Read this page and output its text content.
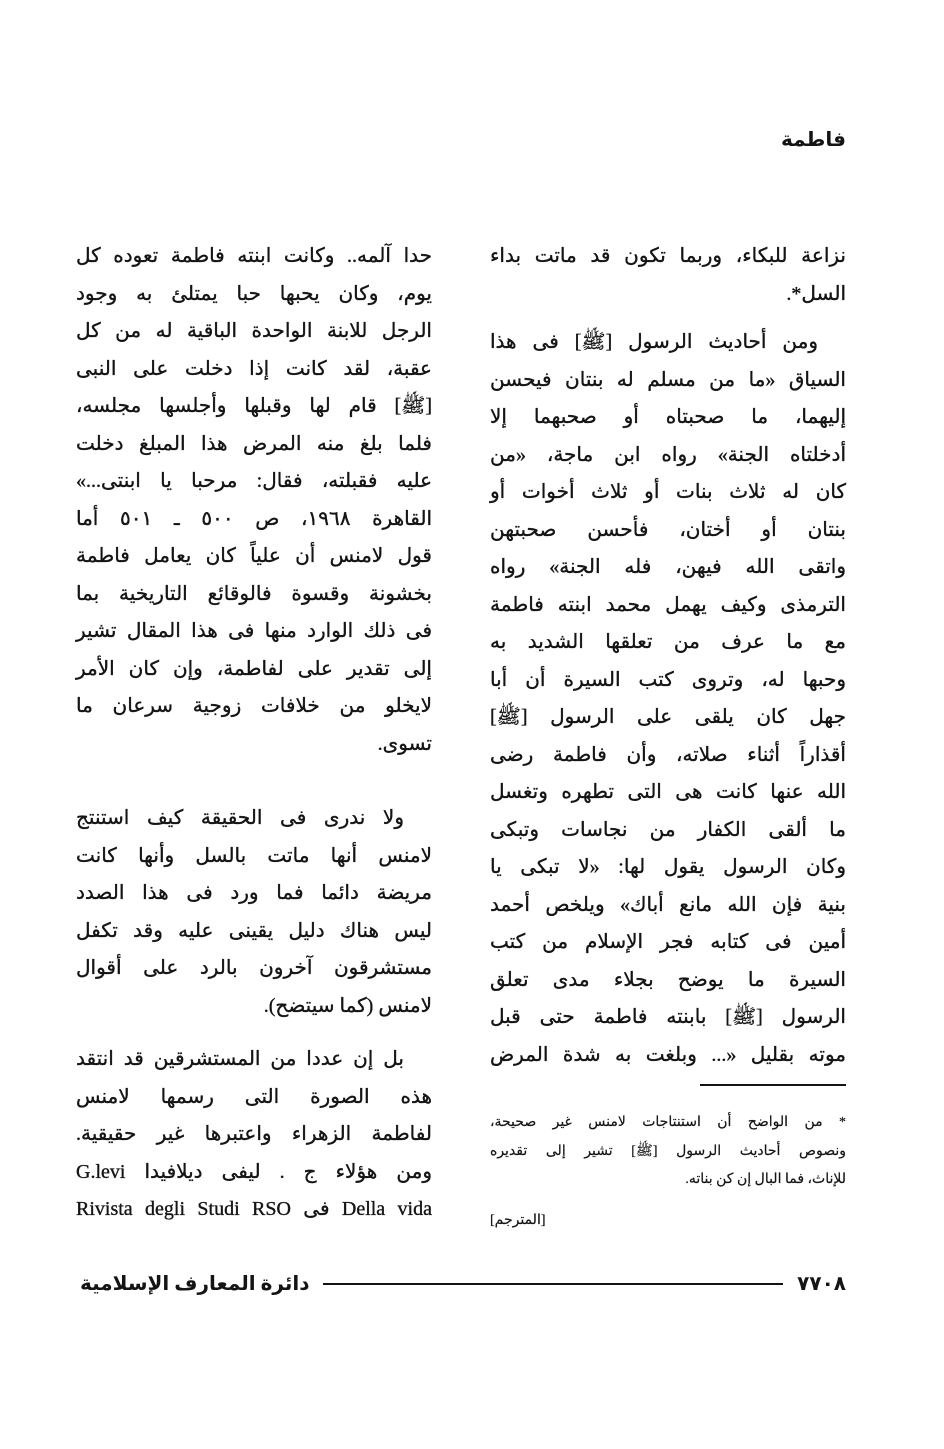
فاطمة
نزاعة للبكاء، وربما تكون قد ماتت بداء
السل*.
ومن أحاديث الرسول [ﷺ] فى هذا
السياق «ما من مسلم له بنتان فيحسن
إليهما، ما صحبتاه أو صحبهما إلا
أدخلتاه الجنة» رواه ابن ماجة، «من
كان له ثلاث بنات أو ثلاث أخوات أو
بنتان أو أختان، فأحسن صحبتهن
واتقى الله فيهن، فله الجنة» رواه
الترمذى وكيف يهمل محمد ابنته فاطمة
مع ما عرف من تعلقها الشديد به
وحبها له، وتروى كتب السيرة أن أبا
جهل كان يلقى على الرسول [ﷺ]
أقذاراً أثناء صلاته، وأن فاطمة رضى
الله عنها كانت هى التى تطهره وتغسل
ما ألقى الكفار من نجاسات وتبكى
وكان الرسول يقول لها: «لا تبكى يا
بنية فإن الله مانع أباك» ويلخص أحمد
أمين فى كتابه فجر الإسلام من كتب
السيرة ما يوضح بجلاء مدى تعلق
الرسول [ﷺ] بابنته فاطمة حتى قبل
موته بقليل «... وبلغت به شدة المرض
* من الواضح أن استنتاجات لامنس غير صحيحة،
ونصوص أحاديث الرسول [ﷺ] تشير إلى تقديره
للإناث، فما البال إن كن بناته.
[المترجم]
حدا آلمه.. وكانت ابنته فاطمة تعوده كل
يوم، وكان يحبها حبا يمتلئ به وجود
الرجل للابنة الواحدة الباقية له من كل
عقبة، لقد كانت إذا دخلت على النبى
[ﷺ] قام لها وقبلها وأجلسها مجلسه،
فلما بلغ منه المرض هذا المبلغ دخلت
عليه فقبلته، فقال: مرحبا يا ابنتى...»
القاهرة ١٩٦٨، ص ٥٠٠ ـ ٥٠١ أما
قول لامنس أن علياً كان يعامل فاطمة
بخشونة وقسوة فالوقائع التاريخية بما
فى ذلك الوارد منها فى هذا المقال تشير
إلى تقدير على لفاطمة، وإن كان الأمر
لايخلو من خلافات زوجية سرعان ما
تسوى.
ولا ندرى فى الحقيقة كيف استنتج
لامنس أنها ماتت بالسل وأنها كانت
مريضة دائما فما ورد فى هذا الصدد
ليس هناك دليل يقينى عليه وقد تكفل
مستشرقون آخرون بالرد على أقوال
لامنس (كما سيتضح).
بل إن عددا من المستشرقين قد انتقد
هذه الصورة التى رسمها لامنس
لفاطمة الزهراء واعتبرها غير حقيقية.
ومن هؤلاء ج . ليفى ديلافيدا G.levi
Della vida فى Rivista degli Studi RSO
٧٧٠٨
دائرة المعارف الإسلامية
